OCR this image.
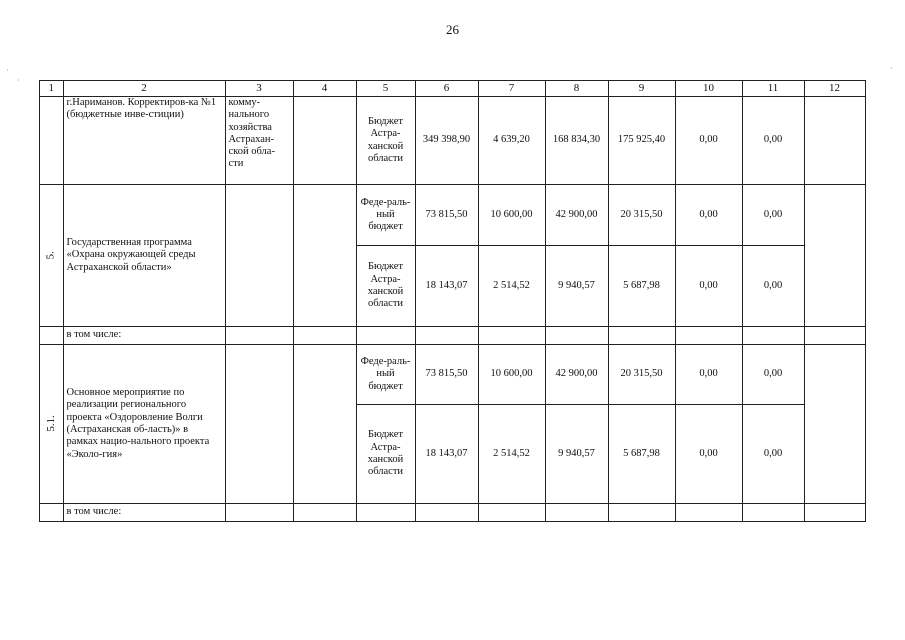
26
1	2	3	4	5	6	7	8	9	10	11	12
	г.Нариманов. Корректиров-ка №1 (бюджетные инве-стиции)	комму-нального хозяйства Астрахан-ской обла-сти		Бюджет Астра-ханской области	349 398,90	4 639,20	168 834,30	175 925,40	0,00	0,00	
5.	Государственная программа «Охрана окружающей среды Астраханской области»			Феде-раль-ный бюджет	73 815,50	10 600,00	42 900,00	20 315,50	0,00	0,00	
				Бюджет Астра-ханской области	18 143,07	2 514,52	9 940,57	5 687,98	0,00	0,00	
	в том числе:										
5.1.	Основное мероприятие по реализации регионального проекта «Оздоровление Волги (Астраханская об-ласть)» в рамках нацио-нального проекта «Эколо-гия»			Феде-раль-ный бюджет	73 815,50	10 600,00	42 900,00	20 315,50	0,00	0,00	
				Бюджет Астра-ханской области	18 143,07	2 514,52	9 940,57	5 687,98	0,00	0,00	
	в том числе:										
·
·
·
